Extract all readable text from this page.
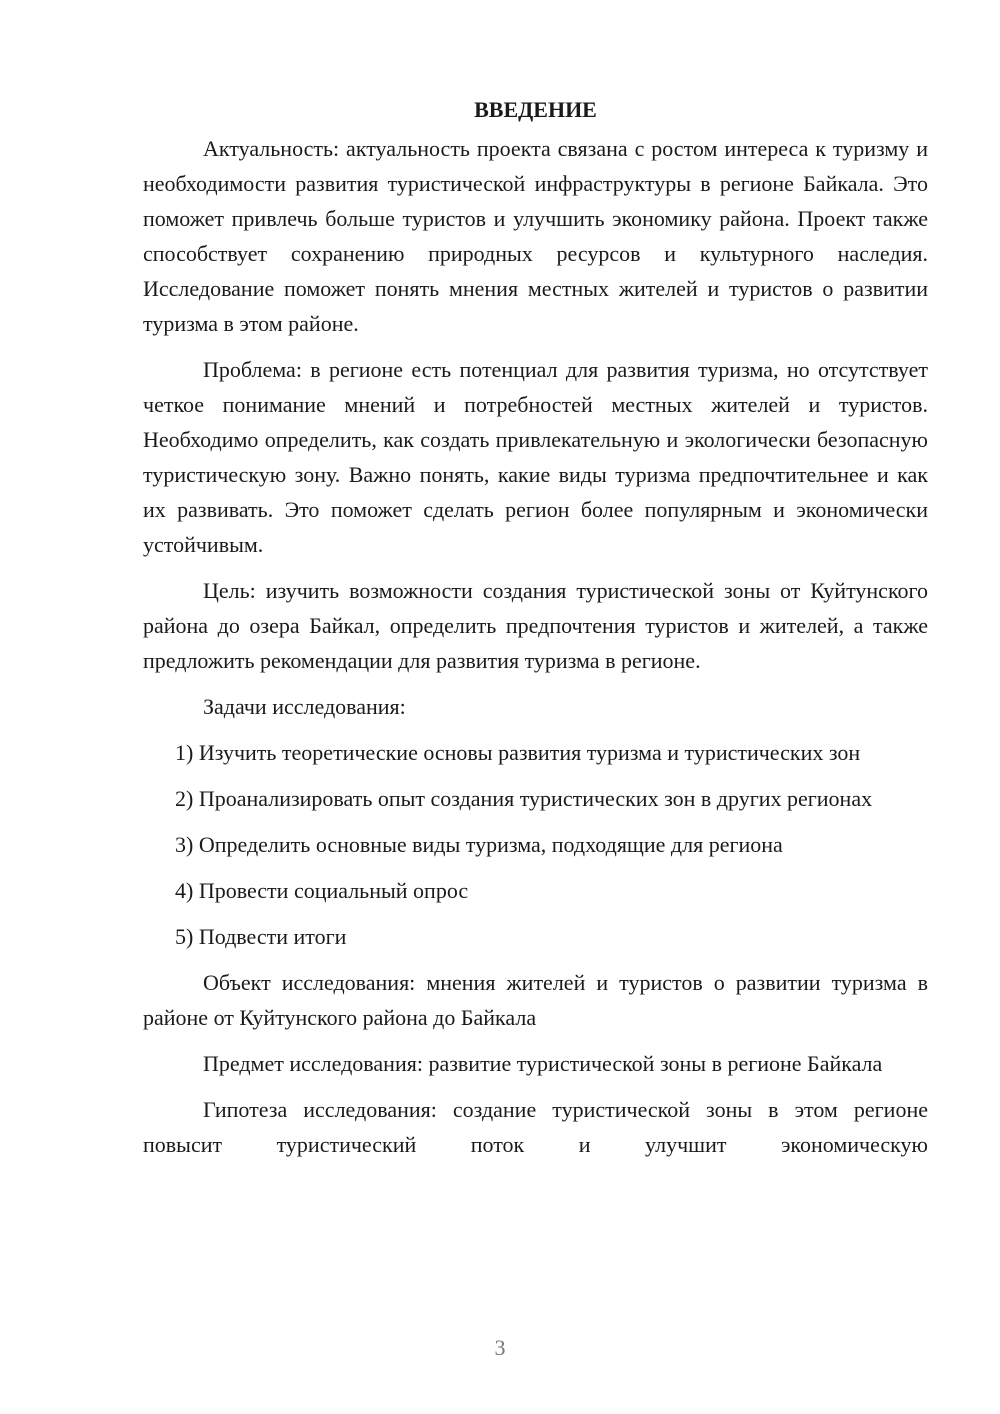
ВВЕДЕНИЕ

Актуальность: актуальность проекта связана с ростом интереса к туризму и необходимости развития туристической инфраструктуры в регионе Байкала. Это поможет привлечь больше туристов и улучшить экономику района. Проект также способствует сохранению природных ресурсов и культурного наследия. Исследование поможет понять мнения местных жителей и туристов о развитии туризма в этом районе.

Проблема: в регионе есть потенциал для развития туризма, но отсутствует четкое понимание мнений и потребностей местных жителей и туристов. Необходимо определить, как создать привлекательную и экологически безопасную туристическую зону. Важно понять, какие виды туризма предпочтительнее и как их развивать. Это поможет сделать регион более популярным и экономически устойчивым.

Цель: изучить возможности создания туристической зоны от Куйтунского района до озера Байкал, определить предпочтения туристов и жителей, а также предложить рекомендации для развития туризма в регионе.

Задачи исследования:

1) Изучить теоретические основы развития туризма и туристических зон

2) Проанализировать опыт создания туристических зон в других регионах

3) Определить основные виды туризма, подходящие для региона

4) Провести социальный опрос

5) Подвести итоги

Объект исследования: мнения жителей и туристов о развитии туризма в районе от Куйтунского района до Байкала

Предмет исследования: развитие туристической зоны в регионе Байкала

Гипотеза исследования: создание туристической зоны в этом регионе повысит туристический поток и улучшит экономическую

3
